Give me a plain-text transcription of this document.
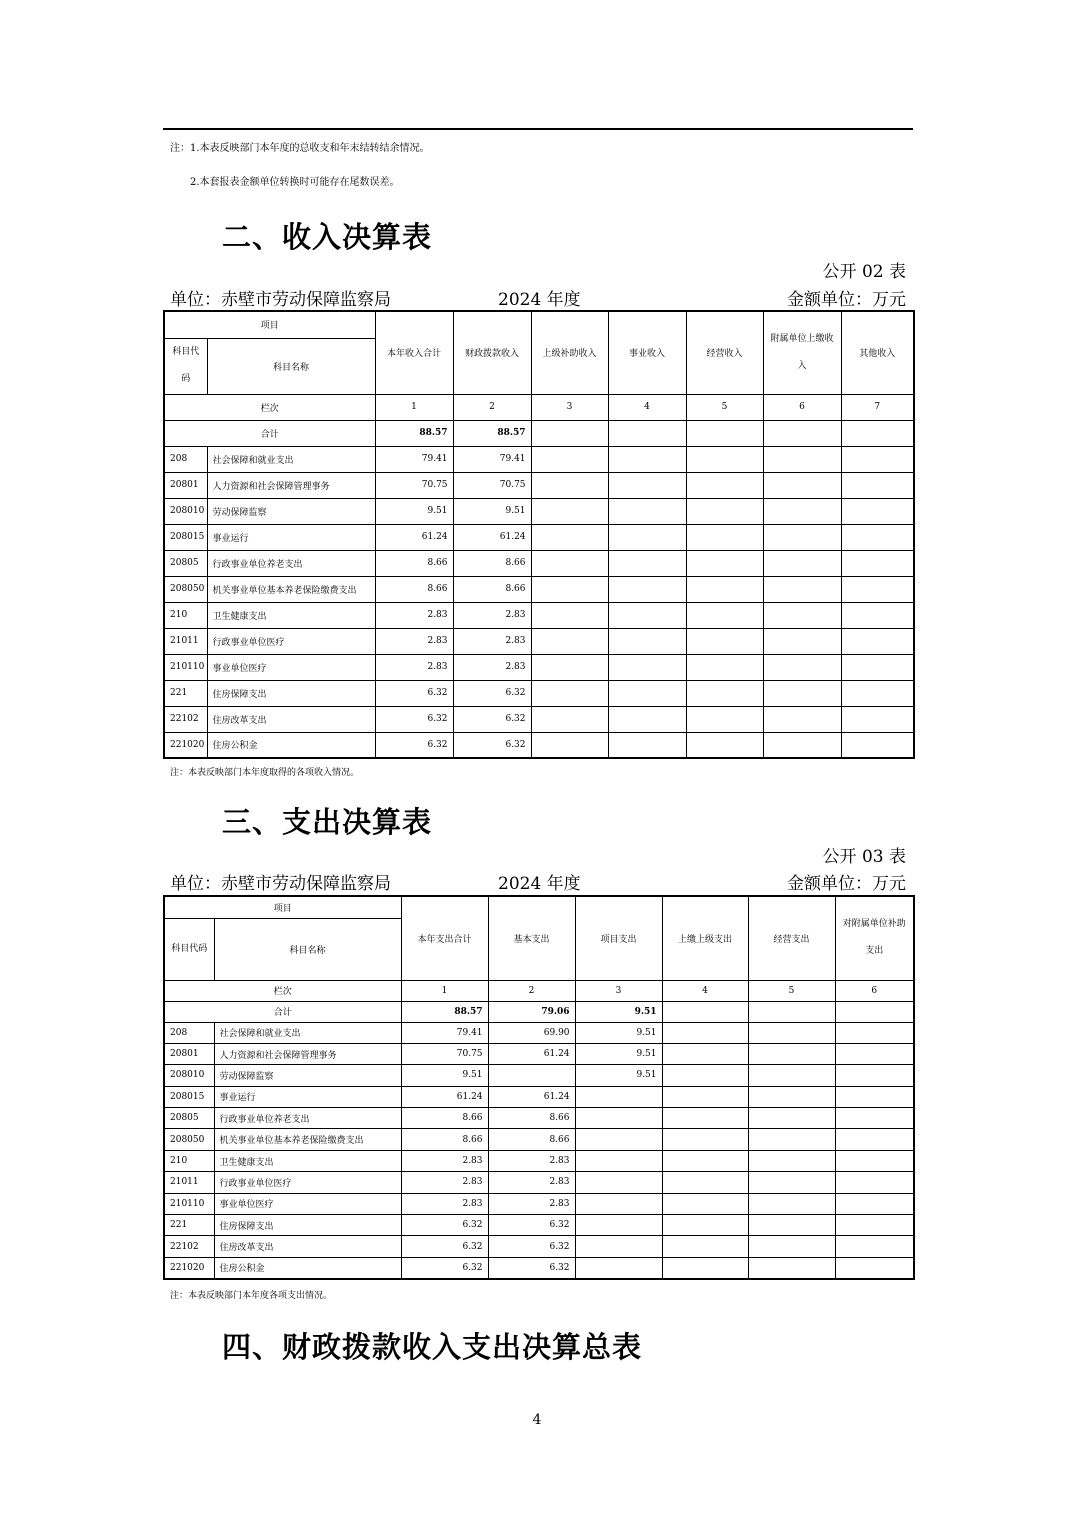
注：1.本表反映部门本年度的总收支和年末结转结余情况。
2.本套报表金额单位转换时可能存在尾数误差。
二、收入决算表
公开 02 表
单位：赤壁市劳动保障监察局	2024 年度	金额单位：万元
项目		本年收入合计	财政拨款收入	上级补助收入	事业收入	经营收入	附属单位上缴收入	其他收入
科目代码	科目名称							
栏次		1	2	3	4	5	6	7
合计		88.57	88.57					
208	社会保障和就业支出	79.41	79.41					
20801	人力资源和社会保障管理事务	70.75	70.75					
208010	劳动保障监察	9.51	9.51					
208015	事业运行	61.24	61.24					
20805	行政事业单位养老支出	8.66	8.66					
208050	机关事业单位基本养老保险缴费支出	8.66	8.66					
210	卫生健康支出	2.83	2.83					
21011	行政事业单位医疗	2.83	2.83					
210110	事业单位医疗	2.83	2.83					
221	住房保障支出	6.32	6.32					
22102	住房改革支出	6.32	6.32					
221020	住房公积金	6.32	6.32					
注：本表反映部门本年度取得的各项收入情况。
三、支出决算表
公开 03 表
单位：赤壁市劳动保障监察局	2024 年度	金额单位：万元
项目		本年支出合计	基本支出	项目支出	上缴上级支出	经营支出	对附属单位补助支出
科目代码	科目名称						
栏次		1	2	3	4	5	6
合计		88.57	79.06	9.51			
208	社会保障和就业支出	79.41	69.90	9.51			
20801	人力资源和社会保障管理事务	70.75	61.24	9.51			
208010	劳动保障监察	9.51		9.51			
208015	事业运行	61.24	61.24				
20805	行政事业单位养老支出	8.66	8.66				
208050	机关事业单位基本养老保险缴费支出	8.66	8.66				
210	卫生健康支出	2.83	2.83				
21011	行政事业单位医疗	2.83	2.83				
210110	事业单位医疗	2.83	2.83				
221	住房保障支出	6.32	6.32				
22102	住房改革支出	6.32	6.32				
221020	住房公积金	6.32	6.32				
注：本表反映部门本年度各项支出情况。
四、财政拨款收入支出决算总表
4
